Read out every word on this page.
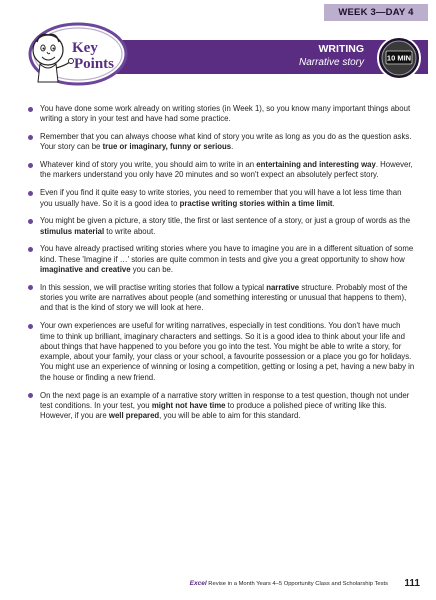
WEEK 3—DAY 4
Key
Points
WRITING
Narrative story	10 MIN
You have done some work already on writing stories (in Week 1), so you know many important things about writing a story in your test and have had some practice.
Remember that you can always choose what kind of story you write as long as you do as the question asks. Your story can be true or imaginary, funny or serious.
Whatever kind of story you write, you should aim to write in an entertaining and interesting way. However, the markers understand you only have 20 minutes and so won't expect an absolutely perfect story.
Even if you find it quite easy to write stories, you need to remember that you will have a lot less time than you usually have. So it is a good idea to practise writing stories within a time limit.
You might be given a picture, a story title, the first or last sentence of a story, or just a group of words as the stimulus material to write about.
You have already practised writing stories where you have to imagine you are in a different situation of some kind. These 'Imagine if …' stories are quite common in tests and give you a great opportunity to show how imaginative and creative you can be.
In this session, we will practise writing stories that follow a typical narrative structure. Probably most of the stories you write are narratives about people (and something interesting or unusual that happens to them), and that is the kind of story we will look at here.
Your own experiences are useful for writing narratives, especially in test conditions. You don't have much time to think up brilliant, imaginary characters and settings. So it is a good idea to think about your life and about things that have happened to you before you go into the test. You might be able to write a story, for example, about your family, your class or your school, a favourite possession or a place you go for holidays. You might use an experience of winning or losing a competition, getting or losing a pet, having a new baby in the house or finding a new friend.
On the next page is an example of a narrative story written in response to a test question, though not under test conditions. In your test, you might not have time to produce a polished piece of writing like this. However, if you are well prepared, you will be able to aim for this standard.
Excel Revise in a Month Years 4–5 Opportunity Class and Scholarship Tests 111
